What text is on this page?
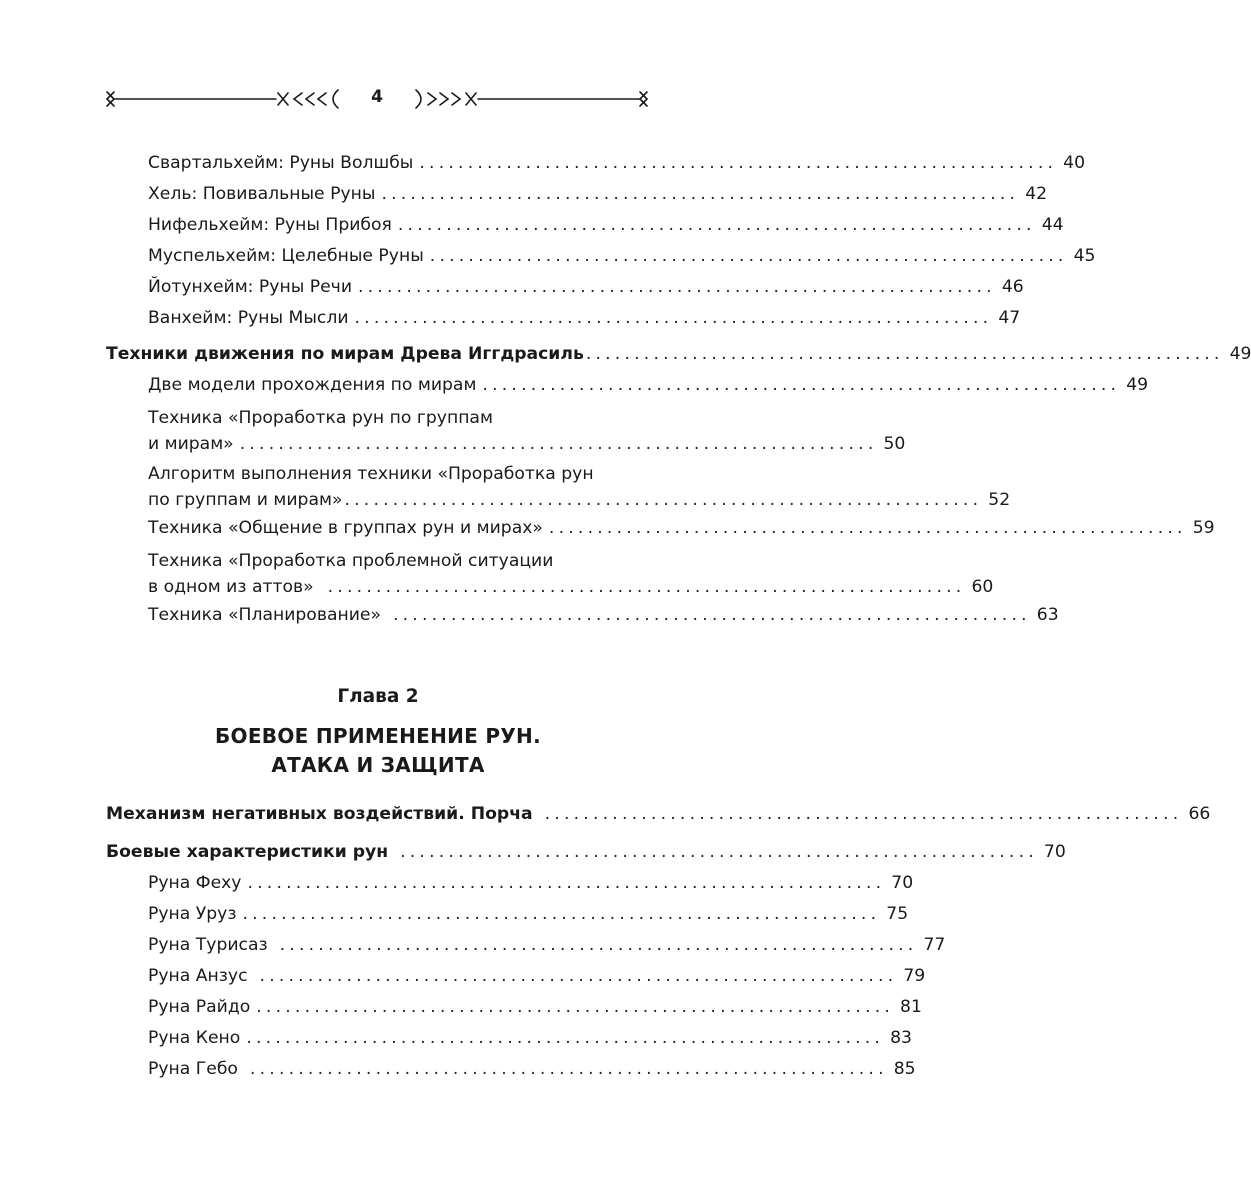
4
Свартальхейм: Руны Волшбы .................................................................. 40
Хель: Повивальные Руны .................................................................. 42
Нифельхейм: Руны Прибоя .................................................................. 44
Муспельхейм: Целебные Руны .................................................................. 45
Йотунхейм: Руны Речи .................................................................. 46
Ванхейм: Руны Мысли .................................................................. 47
Техники движения по мирам Древа Иггдрасиль .................................................................. 49
Две модели прохождения по мирам .................................................................. 49
Техника «Проработка рун по группам
и мирам» .................................................................. 50
Алгоритм выполнения техники «Проработка рун
по группам и мирам» .................................................................. 52
Техника «Общение в группах рун и мирах» .................................................................. 59
Техника «Проработка проблемной ситуации
в одном из аттов» .................................................................. 60
Техника «Планирование» .................................................................. 63
Глава 2
БОЕВОЕ ПРИМЕНЕНИЕ РУН.
АТАКА И ЗАЩИТА
Механизм негативных воздействий. Порча .................................................................. 66
Боевые характеристики рун .................................................................. 70
Руна Феху .................................................................. 70
Руна Уруз .................................................................. 75
Руна Турисаз .................................................................. 77
Руна Анзус .................................................................. 79
Руна Райдо .................................................................. 81
Руна Кено .................................................................. 83
Руна Гебо .................................................................. 85
